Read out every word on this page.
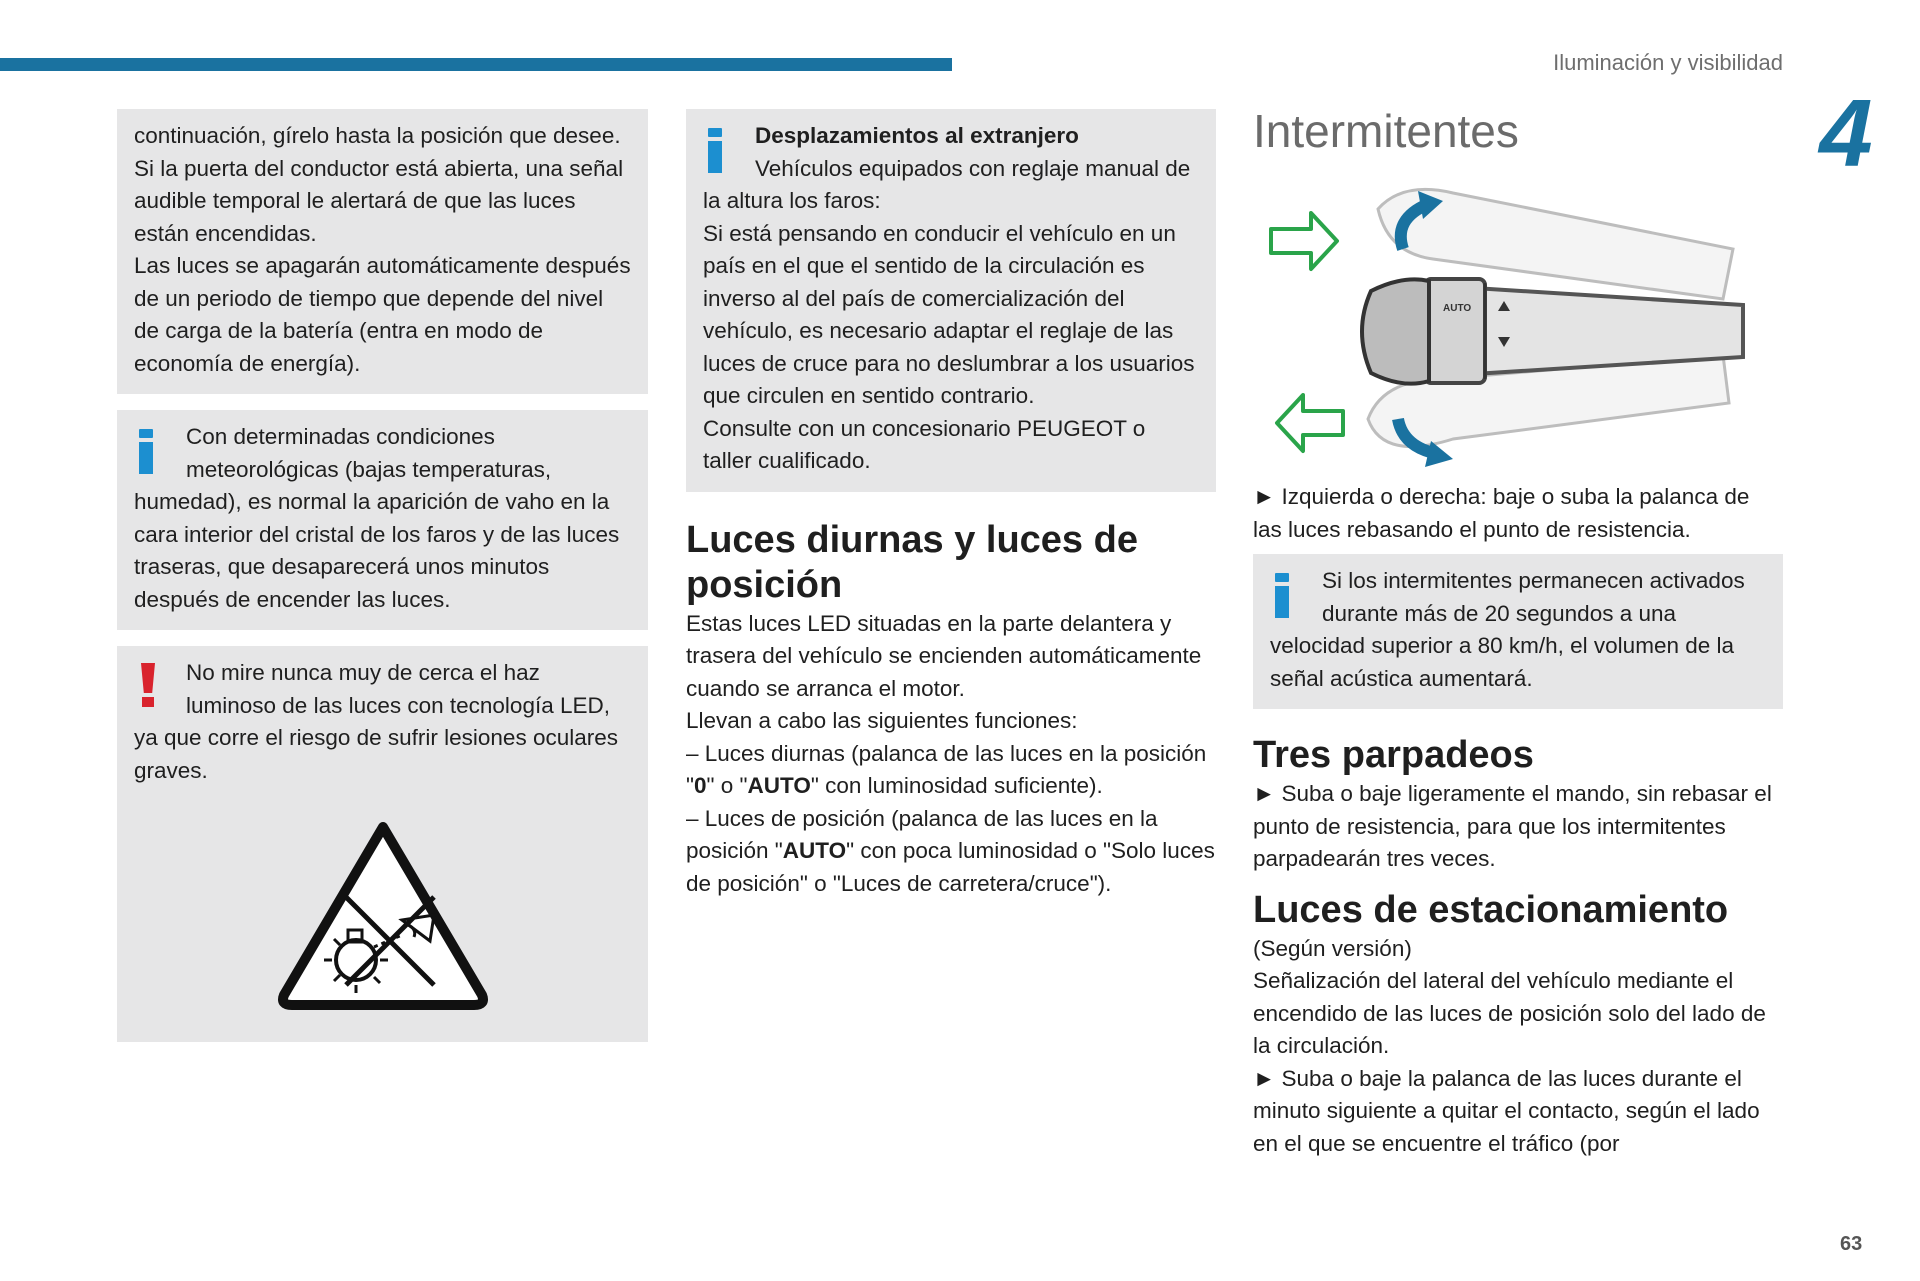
Iluminación y visibilidad
4

continuación, gírelo hasta la posición que desee.

Si la puerta del conductor está abierta, una señal audible temporal le alertará de que las luces están encendidas.

Las luces se apagarán automáticamente después de un periodo de tiempo que depende del nivel de carga de la batería (entra en modo de economía de energía).

Con determinadas condiciones meteorológicas (bajas temperaturas, humedad), es normal la aparición de vaho en la cara interior del cristal de los faros y de las luces traseras, que desaparecerá unos minutos después de encender las luces.

No mire nunca muy de cerca el haz luminoso de las luces con tecnología LED, ya que corre el riesgo de sufrir lesiones oculares graves.

Desplazamientos al extranjero

Vehículos equipados con reglaje manual de la altura los faros:

Si está pensando en conducir el vehículo en un país en el que el sentido de la circulación es inverso al del país de comercialización del vehículo, es necesario adaptar el reglaje de las luces de cruce para no deslumbrar a los usuarios que circulen en sentido contrario.

Consulte con un concesionario PEUGEOT o taller cualificado.

Luces diurnas y luces de posición

Estas luces LED situadas en la parte delantera y trasera del vehículo se encienden automáticamente cuando se arranca el motor.

Llevan a cabo las siguientes funciones:

– Luces diurnas (palanca de las luces en la posición "0" o "AUTO" con luminosidad suficiente).

– Luces de posición (palanca de las luces en la posición "AUTO" con poca luminosidad o "Solo luces de posición" o "Luces de carretera/cruce").

Intermitentes
AUTO

► Izquierda o derecha: baje o suba la palanca de las luces rebasando el punto de resistencia.

Si los intermitentes permanecen activados durante más de 20 segundos a una velocidad superior a 80 km/h, el volumen de la señal acústica aumentará.

Tres parpadeos

► Suba o baje ligeramente el mando, sin rebasar el punto de resistencia, para que los intermitentes parpadearán tres veces.

Luces de estacionamiento

(Según versión)

Señalización del lateral del vehículo mediante el encendido de las luces de posición solo del lado de la circulación.

► Suba o baje la palanca de las luces durante el minuto siguiente a quitar el contacto, según el lado en el que se encuentre el tráfico (por

63
